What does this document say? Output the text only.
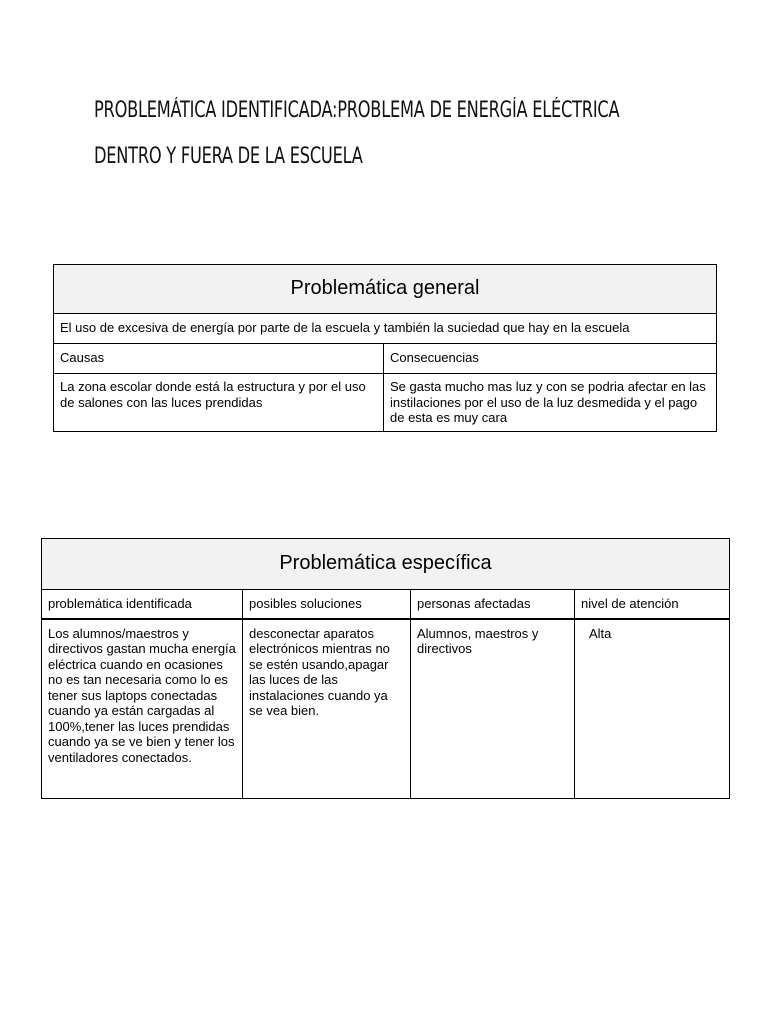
PROBLEMÁTICA IDENTIFICADA:PROBLEMA DE ENERGÍA ELÉCTRICA
DENTRO Y FUERA DE LA ESCUELA
Problemática general	
El uso de excesiva de energía por parte de la escuela y también la suciedad que hay en la escuela	
Causas	Consecuencias
La zona escolar donde está la estructura y por el uso de salones con las luces prendidas	Se gasta mucho mas luz y con se podria afectar en las instilaciones por el uso de la luz desmedida y el pago de esta es muy cara
Problemática específica			
problemática identificada	posibles soluciones	personas afectadas	nivel de atención
Los alumnos/maestros y directivos gastan mucha energía eléctrica cuando en ocasiones no es tan necesaria como lo es tener sus laptops conectadas cuando ya están cargadas al 100%,tener las luces prendidas cuando ya se ve bien y tener los ventiladores conectados.	desconectar aparatos electrónicos mientras no se estén usando,apagar las luces de las instalaciones cuando ya se vea bien.	Alumnos, maestros y directivos	Alta
